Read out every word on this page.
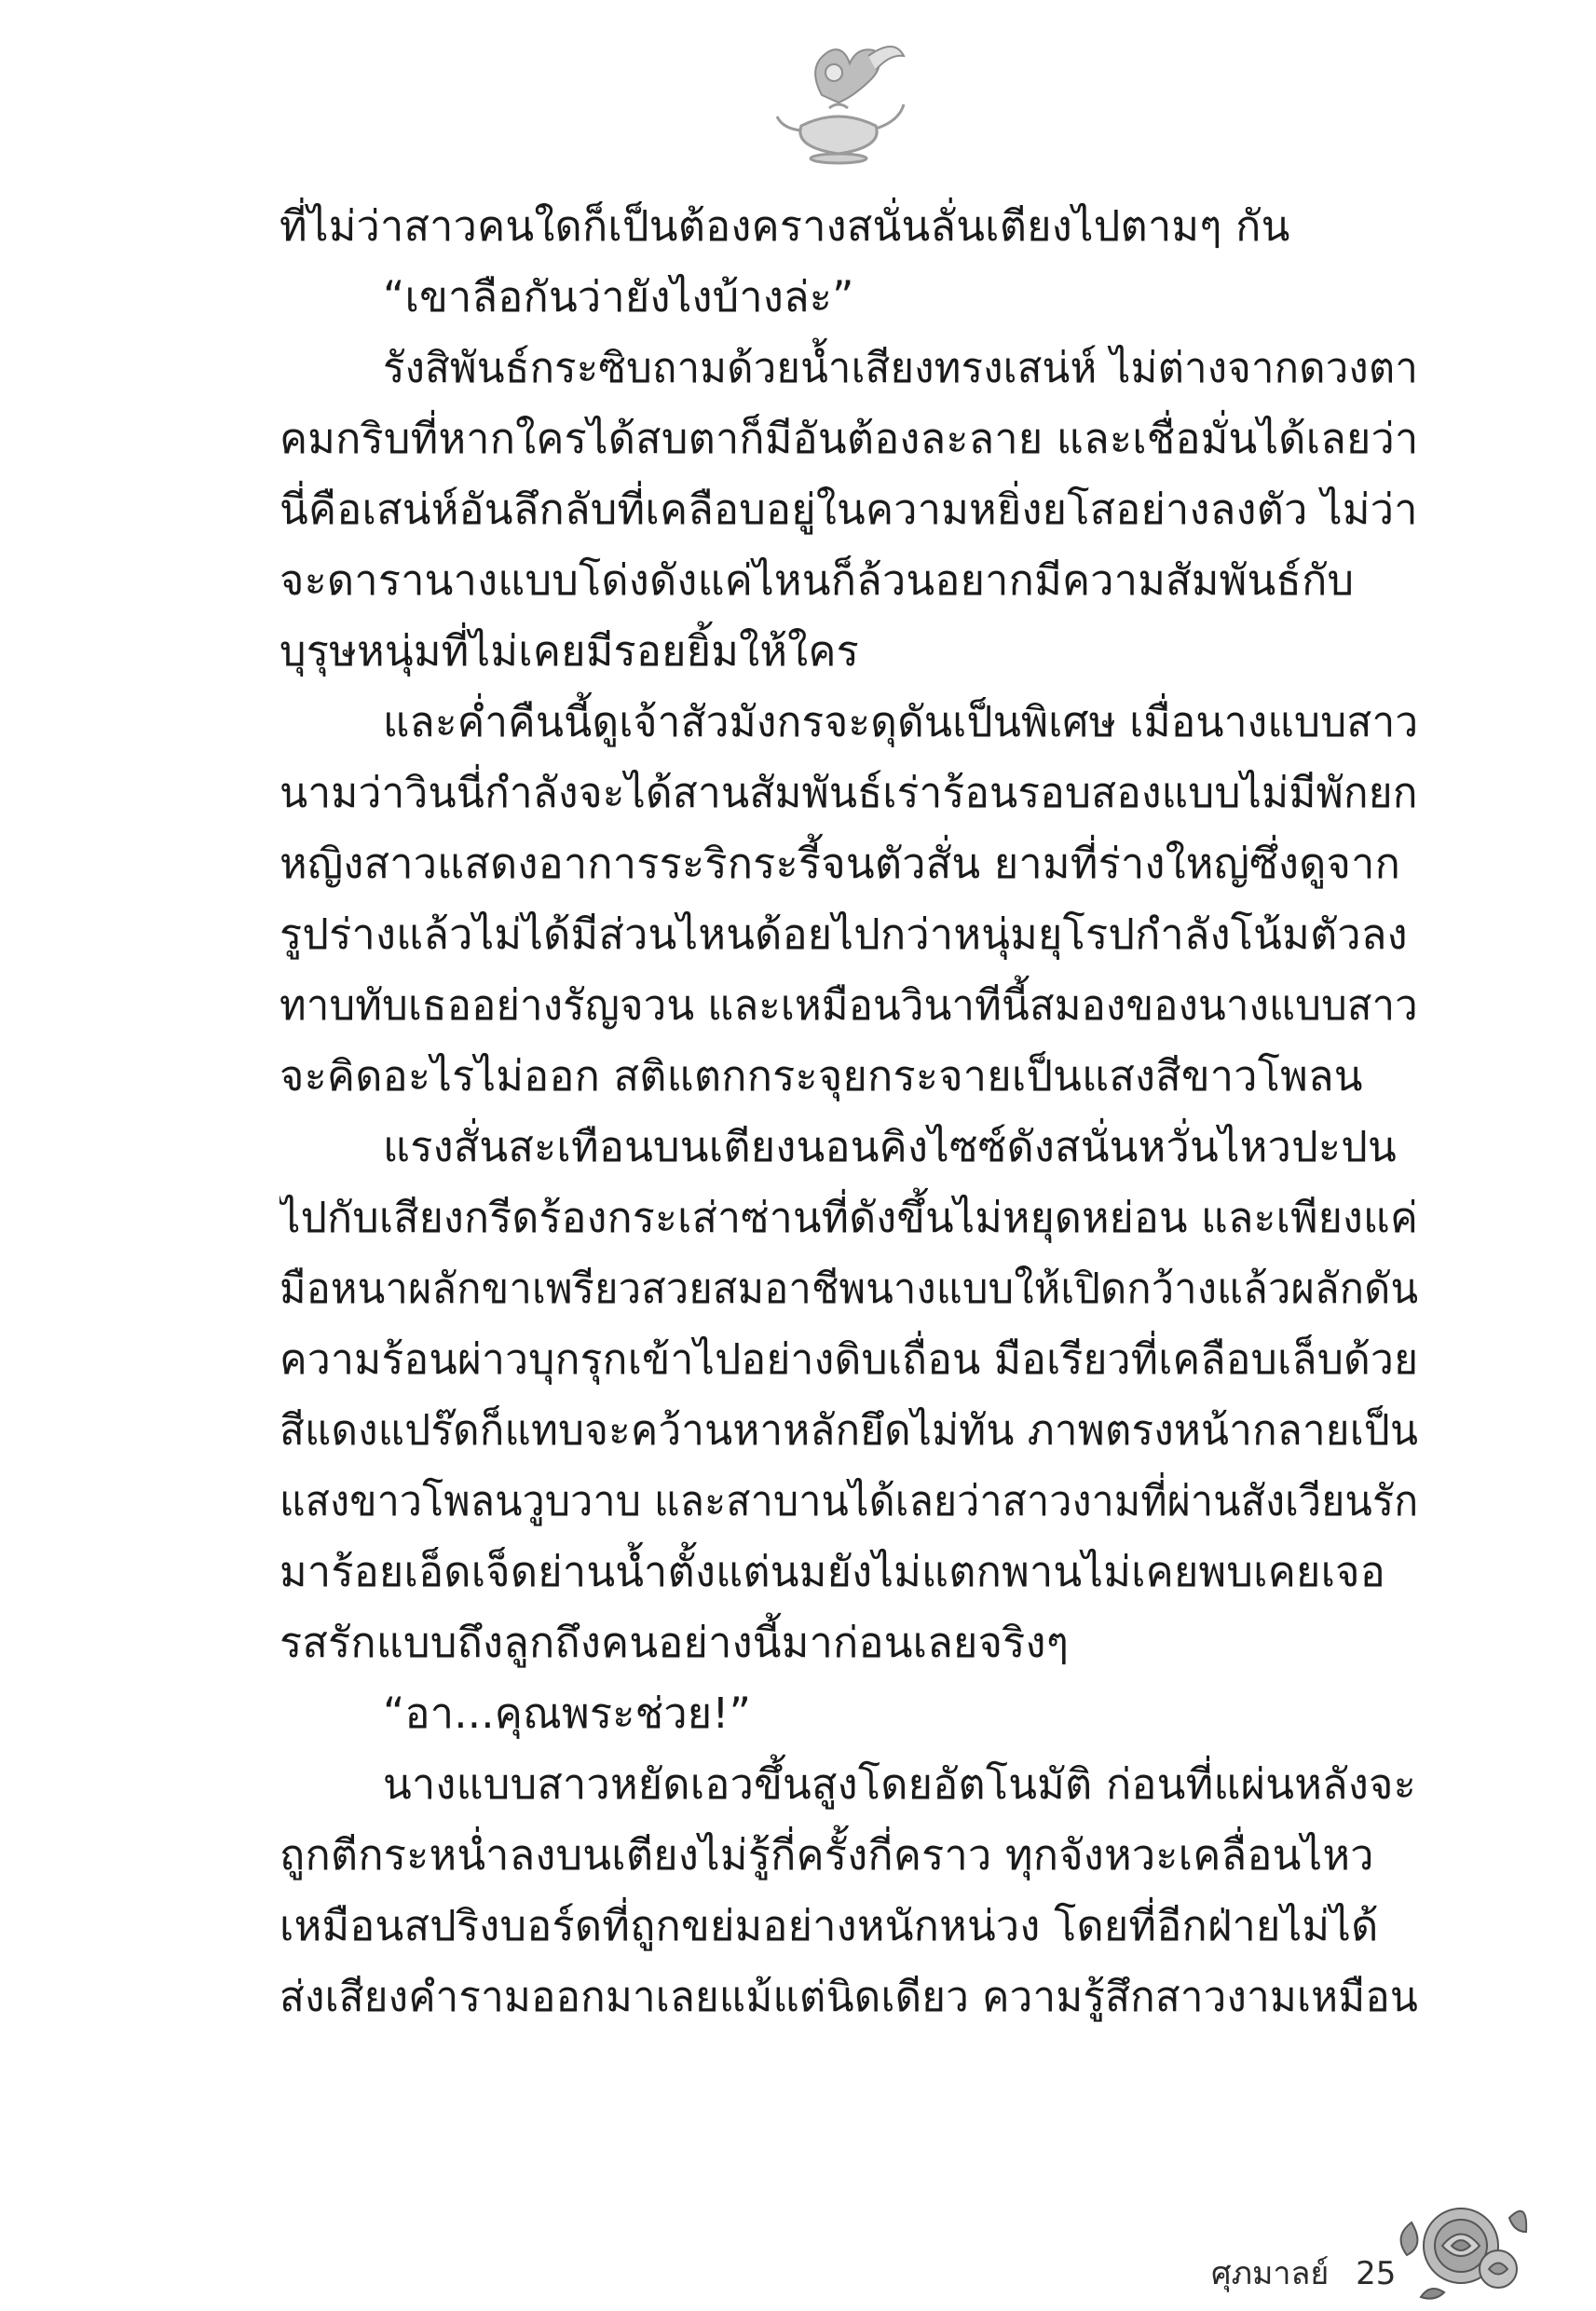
ที่ไม่ว่าสาวคนใดก็เป็นต้องครางสนั่นลั่นเตียงไปตามๆ กัน
“เขาลือกันว่ายังไงบ้างล่ะ”
รังสิพันธ์กระซิบถามด้วยน้ำเสียงทรงเสน่ห์ ไม่ต่างจากดวงตา
คมกริบที่หากใครได้สบตาก็มีอันต้องละลาย และเชื่อมั่นได้เลยว่า
นี่คือเสน่ห์อันลึกลับที่เคลือบอยู่ในความหยิ่งยโสอย่างลงตัว ไม่ว่า
จะดารานางแบบโด่งดังแค่ไหนก็ล้วนอยากมีความสัมพันธ์กับ
บุรุษหนุ่มที่ไม่เคยมีรอยยิ้มให้ใคร
และค่ำคืนนี้ดูเจ้าสัวมังกรจะดุดันเป็นพิเศษ เมื่อนางแบบสาว
นามว่าวินนี่กำลังจะได้สานสัมพันธ์เร่าร้อนรอบสองแบบไม่มีพักยก
หญิงสาวแสดงอาการระริกระรี้จนตัวสั่น ยามที่ร่างใหญ่ซึ่งดูจาก
รูปร่างแล้วไม่ได้มีส่วนไหนด้อยไปกว่าหนุ่มยุโรปกำลังโน้มตัวลง
ทาบทับเธออย่างรัญจวน และเหมือนวินาทีนี้สมองของนางแบบสาว
จะคิดอะไรไม่ออก สติแตกกระจุยกระจายเป็นแสงสีขาวโพลน
แรงสั่นสะเทือนบนเตียงนอนคิงไซซ์ดังสนั่นหวั่นไหวปะปน
ไปกับเสียงกรีดร้องกระเส่าซ่านที่ดังขึ้นไม่หยุดหย่อน และเพียงแค่
มือหนาผลักขาเพรียวสวยสมอาชีพนางแบบให้เปิดกว้างแล้วผลักดัน
ความร้อนผ่าวบุกรุกเข้าไปอย่างดิบเถื่อน มือเรียวที่เคลือบเล็บด้วย
สีแดงแปร๊ดก็แทบจะคว้านหาหลักยึดไม่ทัน ภาพตรงหน้ากลายเป็น
แสงขาวโพลนวูบวาบ และสาบานได้เลยว่าสาวงามที่ผ่านสังเวียนรัก
มาร้อยเอ็ดเจ็ดย่านน้ำตั้งแต่นมยังไม่แตกพานไม่เคยพบเคยเจอ
รสรักแบบถึงลูกถึงคนอย่างนี้มาก่อนเลยจริงๆ
“อา...คุณพระช่วย!”
นางแบบสาวหยัดเอวขึ้นสูงโดยอัตโนมัติ ก่อนที่แผ่นหลังจะ
ถูกตีกระหน่ำลงบนเตียงไม่รู้กี่ครั้งกี่คราว ทุกจังหวะเคลื่อนไหว
เหมือนสปริงบอร์ดที่ถูกขย่มอย่างหนักหน่วง โดยที่อีกฝ่ายไม่ได้
ส่งเสียงคำรามออกมาเลยแม้แต่นิดเดียว ความรู้สึกสาวงามเหมือน
ศุภมาลย์ 25
